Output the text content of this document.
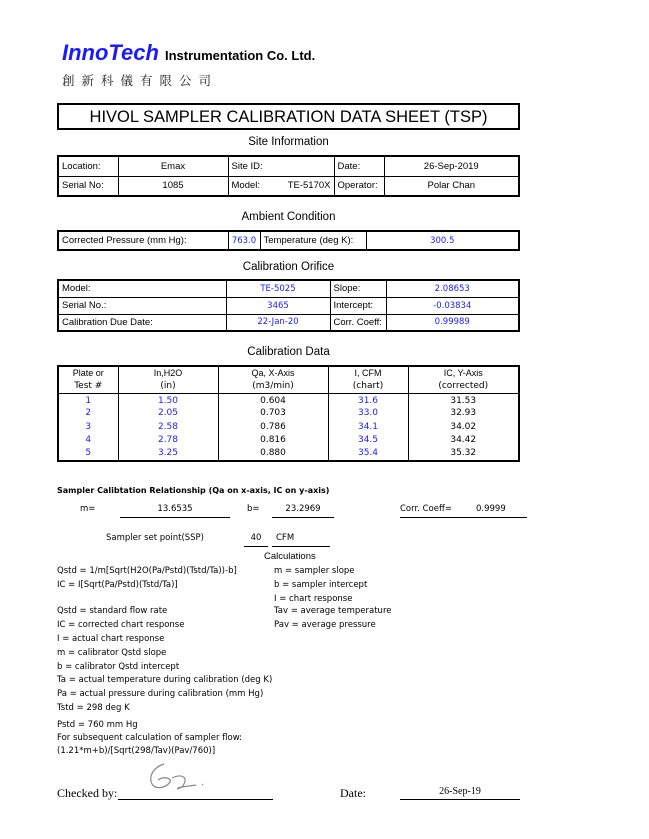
InnoTech Instrumentation Co. Ltd.
創新科儀有限公司
HIVOL SAMPLER CALIBRATION DATA SHEET (TSP)
Site Information
Location:	Emax	Site ID:	Date:	26-Sep-2019
Serial No:	1085	Model: TE-5170X	Operator:	Polar Chan
Ambient Condition
Corrected Pressure (mm Hg):	763.0	Temperature (deg K):	300.5
Calibration Orifice
Model:	TE-5025	Slope:	2.08653
Serial No.:	3465	Intercept:	-0.03834
Calibration Due Date:	22-Jan-20	Corr. Coeff:	0.99989
Calibration Data
Plate or	In,H2O	Qa, X-Axis	I, CFM	IC, Y-Axis
Test #	(in)	(m3/min)	(chart)	(corrected)
1	1.50	0.604	31.6	31.53
2	2.05	0.703	33.0	32.93
3	2.58	0.786	34.1	34.02
4	2.78	0.816	34.5	34.42
5	3.25	0.880	35.4	35.32
Sampler Calibtation Relationship (Qa on x-axis, IC on y-axis)
m=	13.6535	b=	23.2969	Corr. Coeff=	0.9999
Sampler set point(SSP)	40	CFM
Calculations
Qstd = 1/m[Sqrt(H2O(Pa/Pstd)(Tstd/Ta))-b]
IC = I[Sqrt(Pa/Pstd)(Tstd/Ta)]
m = sampler slope
b = sampler intercept
I = chart response
Qstd = standard flow rate
IC = corrected chart response
I = actual chart response
m = calibrator Qstd slope
b = calibrator Qstd intercept
Ta = actual temperature during calibration (deg K)
Pa = actual pressure during calibration (mm Hg)
Tstd = 298 deg K
Tav = average temperature
Pav = average pressure
Pstd = 760 mm Hg
For subsequent calculation of sampler flow:
(1.21*m+b)/[Sqrt(298/Tav)(Pav/760)]
Checked by:	Date:	26-Sep-19
